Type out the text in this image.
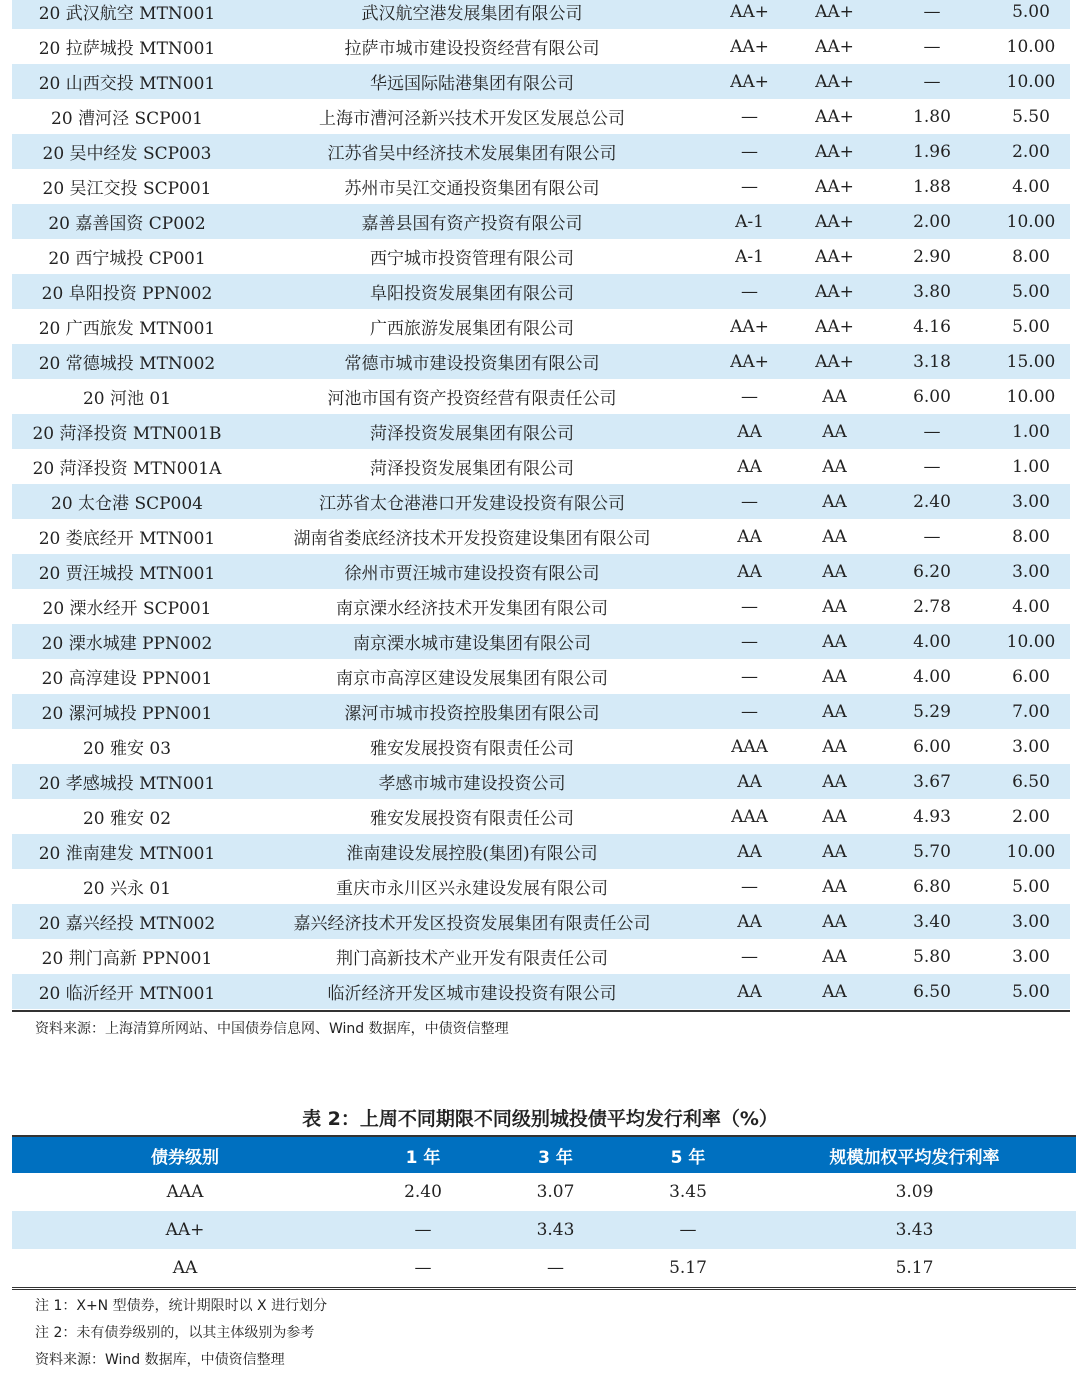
20 武汉航空 MTN001	武汉航空港发展集团有限公司	AA+	AA+	—	5.00
20 拉萨城投 MTN001	拉萨市城市建设投资经营有限公司	AA+	AA+	—	10.00
20 山西交投 MTN001	华远国际陆港集团有限公司	AA+	AA+	—	10.00
20 漕河泾 SCP001	上海市漕河泾新兴技术开发区发展总公司	—	AA+	1.80	5.50
20 吴中经发 SCP003	江苏省吴中经济技术发展集团有限公司	—	AA+	1.96	2.00
20 吴江交投 SCP001	苏州市吴江交通投资集团有限公司	—	AA+	1.88	4.00
20 嘉善国资 CP002	嘉善县国有资产投资有限公司	A-1	AA+	2.00	10.00
20 西宁城投 CP001	西宁城市投资管理有限公司	A-1	AA+	2.90	8.00
20 阜阳投资 PPN002	阜阳投资发展集团有限公司	—	AA+	3.80	5.00
20 广西旅发 MTN001	广西旅游发展集团有限公司	AA+	AA+	4.16	5.00
20 常德城投 MTN002	常德市城市建设投资集团有限公司	AA+	AA+	3.18	15.00
20 河池 01	河池市国有资产投资经营有限责任公司	—	AA	6.00	10.00
20 菏泽投资 MTN001B	菏泽投资发展集团有限公司	AA	AA	—	1.00
20 菏泽投资 MTN001A	菏泽投资发展集团有限公司	AA	AA	—	1.00
20 太仓港 SCP004	江苏省太仓港港口开发建设投资有限公司	—	AA	2.40	3.00
20 娄底经开 MTN001	湖南省娄底经济技术开发投资建设集团有限公司	AA	AA	—	8.00
20 贾汪城投 MTN001	徐州市贾汪城市建设投资有限公司	AA	AA	6.20	3.00
20 溧水经开 SCP001	南京溧水经济技术开发集团有限公司	—	AA	2.78	4.00
20 溧水城建 PPN002	南京溧水城市建设集团有限公司	—	AA	4.00	10.00
20 高淳建设 PPN001	南京市高淳区建设发展集团有限公司	—	AA	4.00	6.00
20 漯河城投 PPN001	漯河市城市投资控股集团有限公司	—	AA	5.29	7.00
20 雅安 03	雅安发展投资有限责任公司	AAA	AA	6.00	3.00
20 孝感城投 MTN001	孝感市城市建设投资公司	AA	AA	3.67	6.50
20 雅安 02	雅安发展投资有限责任公司	AAA	AA	4.93	2.00
20 淮南建发 MTN001	淮南建设发展控股(集团)有限公司	AA	AA	5.70	10.00
20 兴永 01	重庆市永川区兴永建设发展有限公司	—	AA	6.80	5.00
20 嘉兴经投 MTN002	嘉兴经济技术开发区投资发展集团有限责任公司	AA	AA	3.40	3.00
20 荆门高新 PPN001	荆门高新技术产业开发有限责任公司	—	AA	5.80	3.00
20 临沂经开 MTN001	临沂经济开发区城市建设投资有限公司	AA	AA	6.50	5.00
资料来源：上海清算所网站、中国债券信息网、Wind 数据库，中债资信整理
表 2：上周不同期限不同级别城投债平均发行利率（%）
债券级别	1 年	3 年	5 年	规模加权平均发行利率
AAA	2.40	3.07	3.45	3.09
AA+	—	3.43	—	3.43
AA	—	—	5.17	5.17
注 1：X+N 型债券，统计期限时以 X 进行划分
注 2：未有债券级别的，以其主体级别为参考
资料来源：Wind 数据库，中债资信整理
